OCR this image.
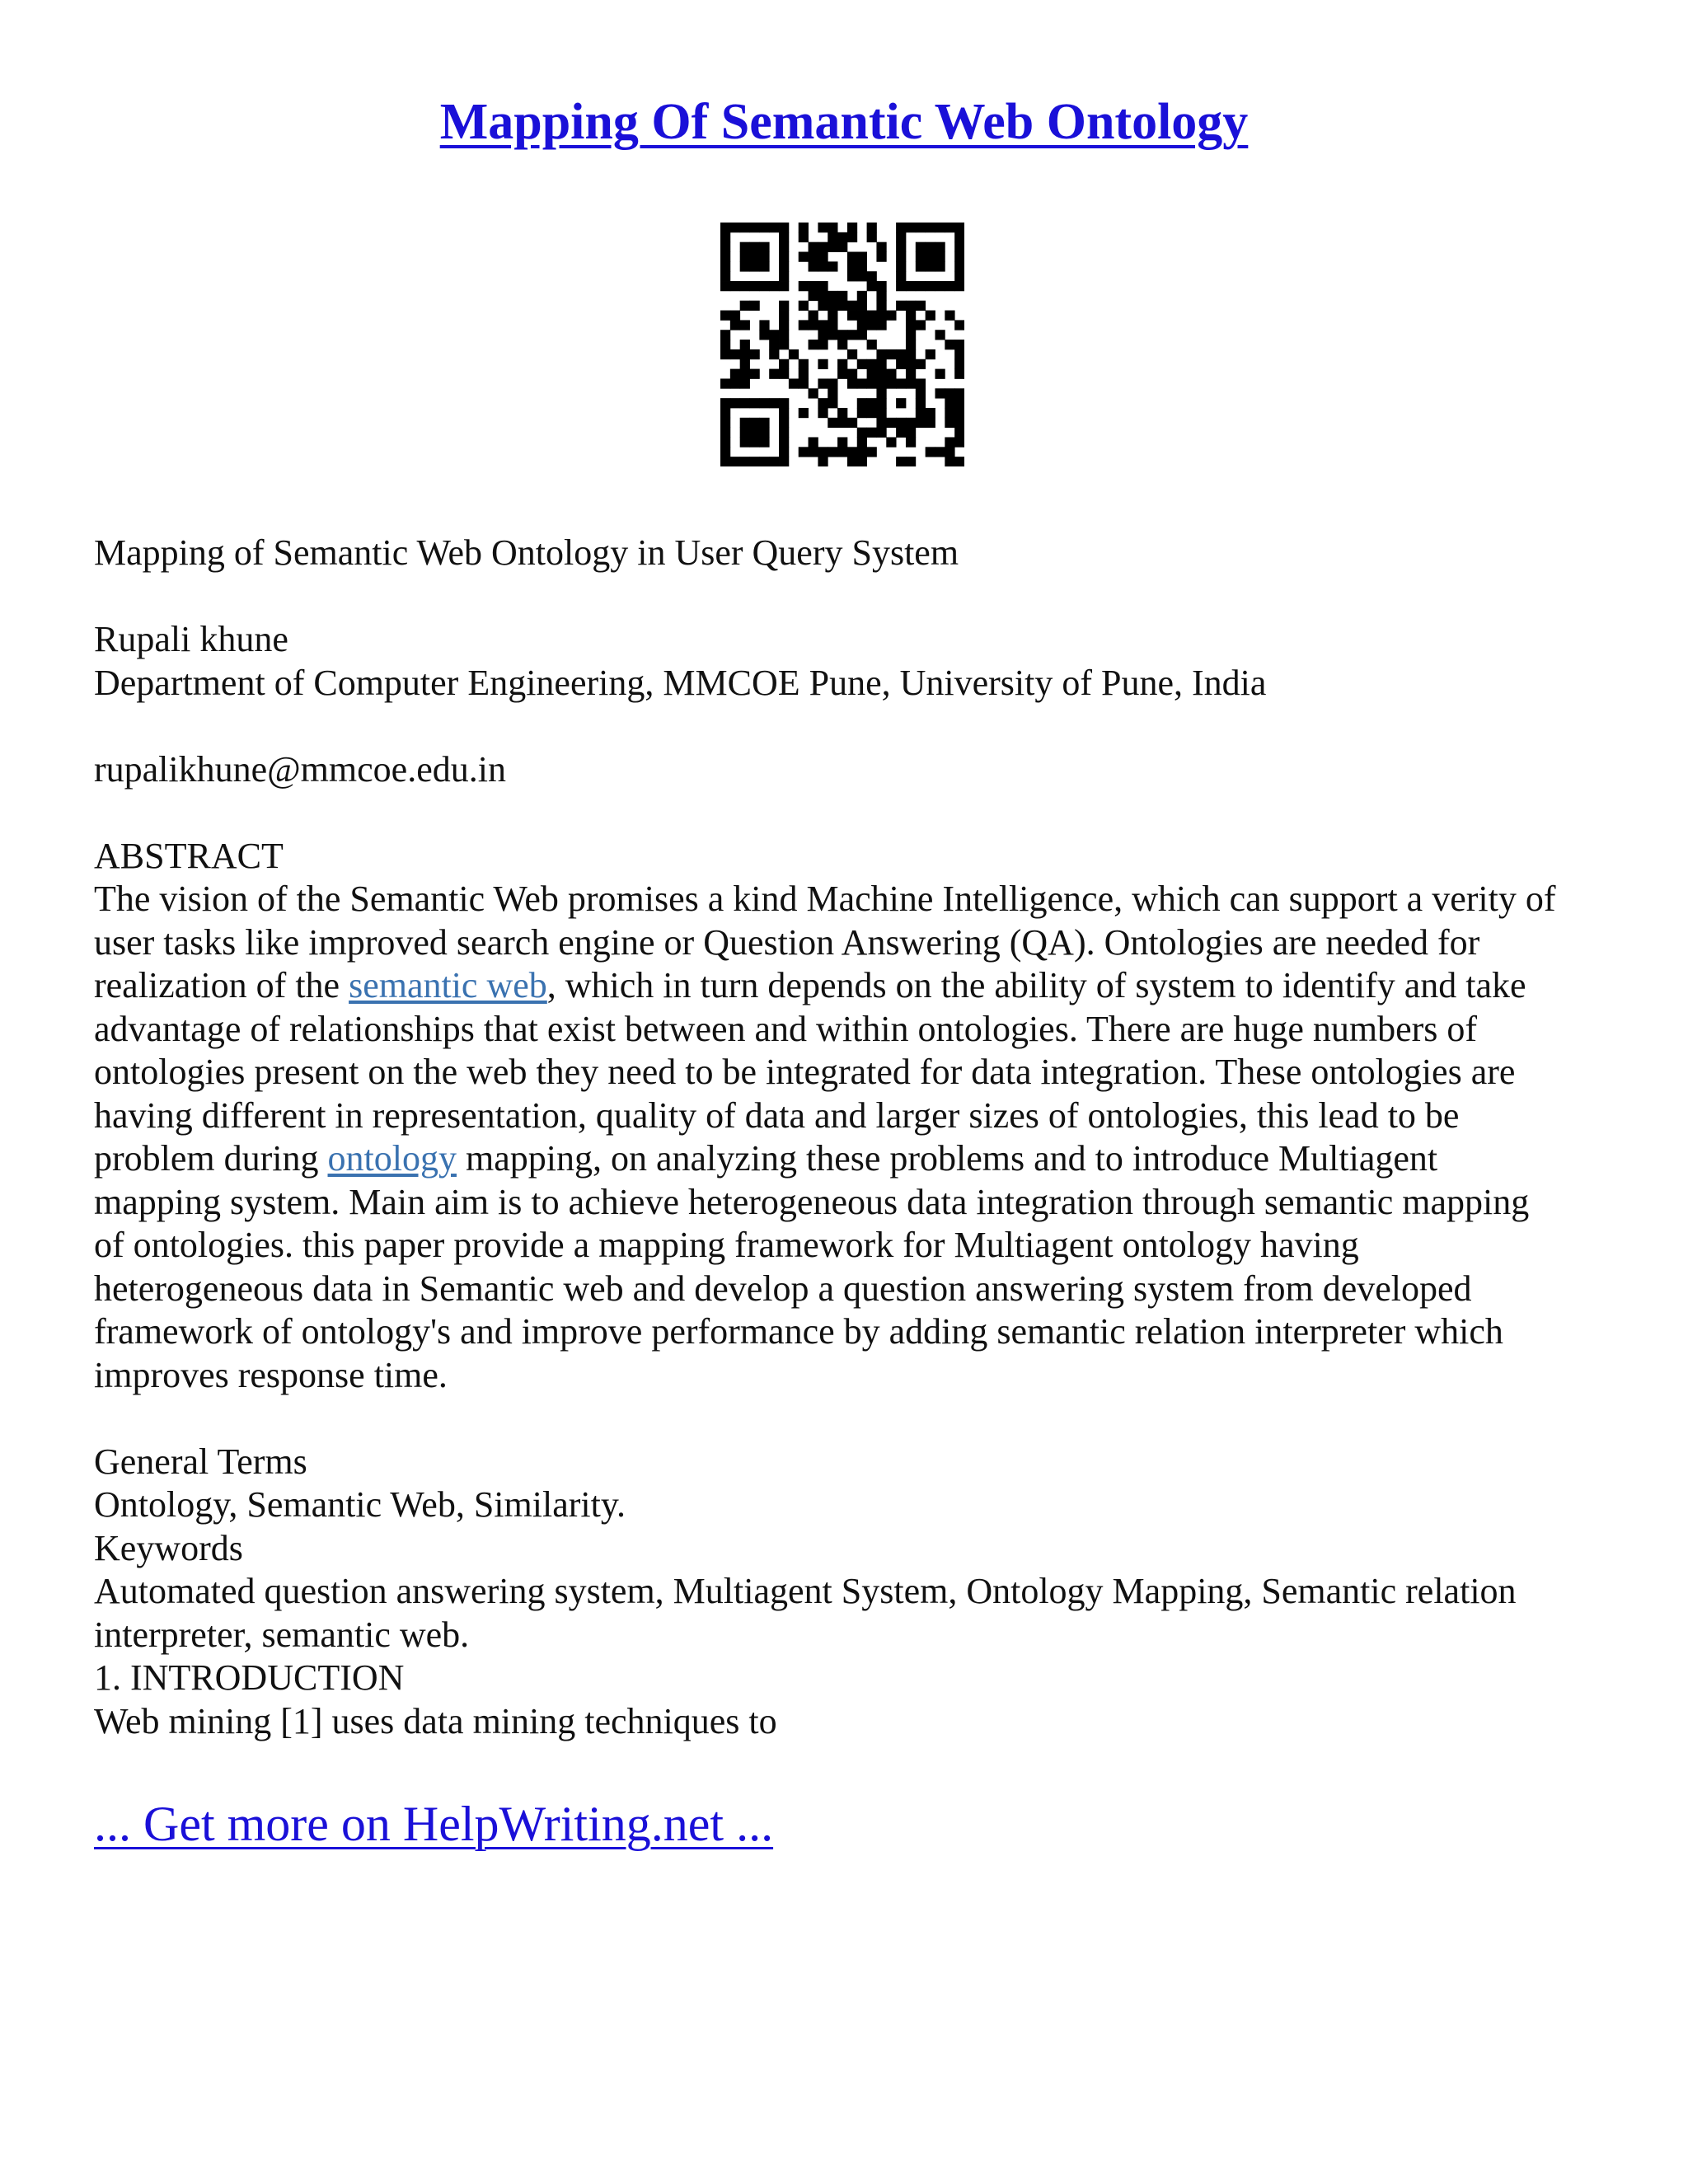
Mapping Of Semantic Web Ontology
Mapping of Semantic Web Ontology in User Query System
Rupali khune
Department of Computer Engineering, MMCOE Pune, University of Pune, India
rupalikhune@mmcoe.edu.in
ABSTRACT
The vision of the Semantic Web promises a kind Machine Intelligence, which can support a verity of
user tasks like improved search engine or Question Answering (QA). Ontologies are needed for
realization of the semantic web, which in turn depends on the ability of system to identify and take
advantage of relationships that exist between and within ontologies. There are huge numbers of
ontologies present on the web they need to be integrated for data integration. These ontologies are
having different in representation, quality of data and larger sizes of ontologies, this lead to be
problem during ontology mapping, on analyzing these problems and to introduce Multiagent
mapping system. Main aim is to achieve heterogeneous data integration through semantic mapping
of ontologies. this paper provide a mapping framework for Multiagent ontology having
heterogeneous data in Semantic web and develop a question answering system from developed
framework of ontology's and improve performance by adding semantic relation interpreter which
improves response time.
General Terms
Ontology, Semantic Web, Similarity.
Keywords
Automated question answering system, Multiagent System, Ontology Mapping, Semantic relation
interpreter, semantic web.
1. INTRODUCTION
Web mining [1] uses data mining techniques to
... Get more on HelpWriting.net ...
